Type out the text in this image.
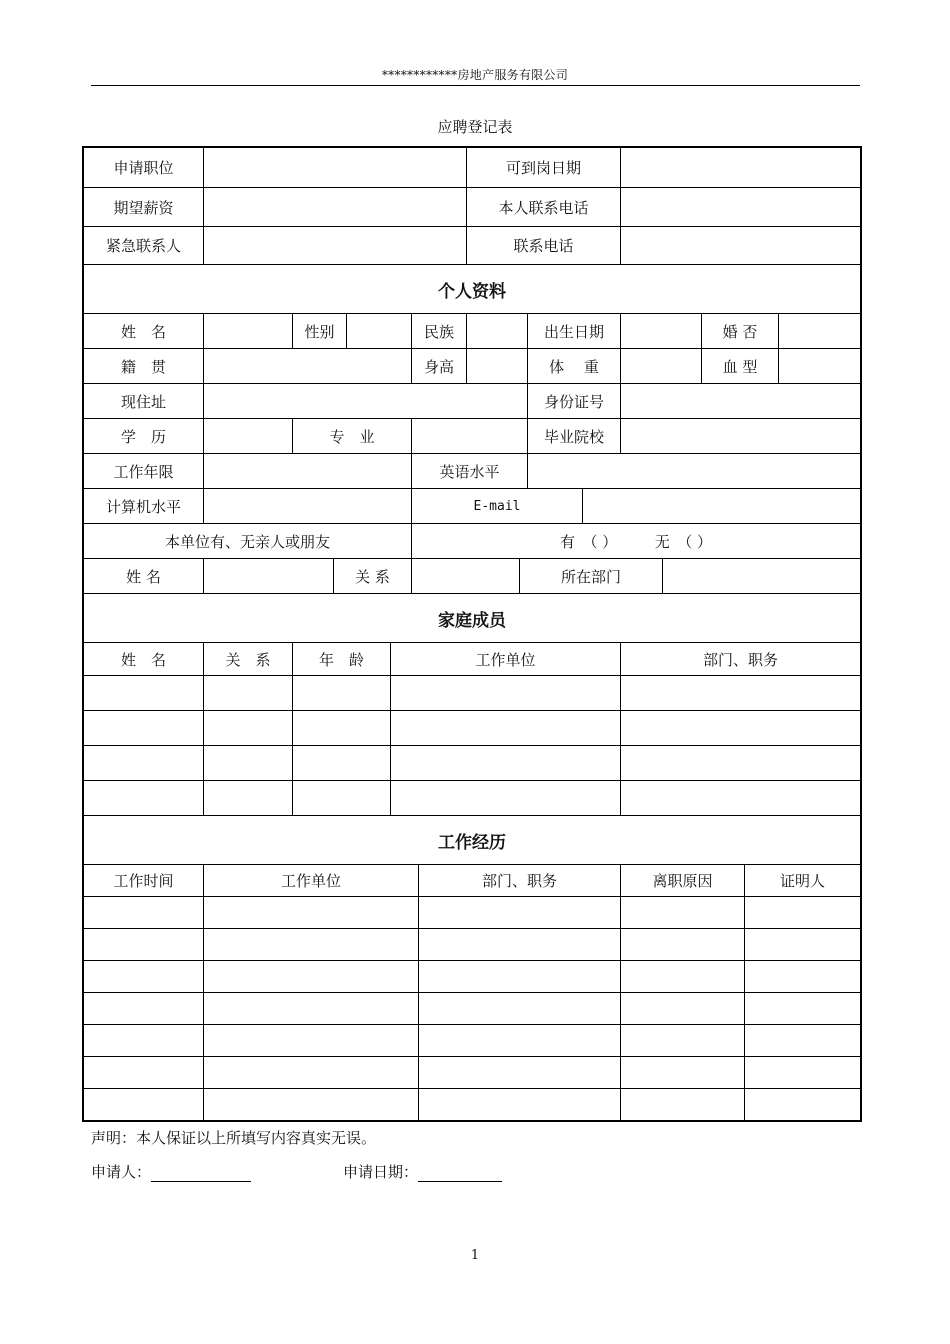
************房地产服务有限公司
应聘登记表
申请职位	可到岗日期
期望薪资	本人联系电话
紧急联系人	联系电话
个人资料
姓　名	性别	民族	出生日期	婚 否
籍　贯	身高	体　 重	血 型
现住址	身份证号
学　历	专　业	毕业院校
工作年限	英语水平
计算机水平	E-mail
本单位有、无亲人或朋友	有　（ ）　　　无　（ ）
姓 名	关 系	所在部门
家庭成员
姓　名	关　系	年　龄	工作单位	部门、职务
工作经历
工作时间	工作单位	部门、职务	离职原因	证明人
声明：本人保证以上所填写内容真实无误。
申请人：	申请日期：
1
